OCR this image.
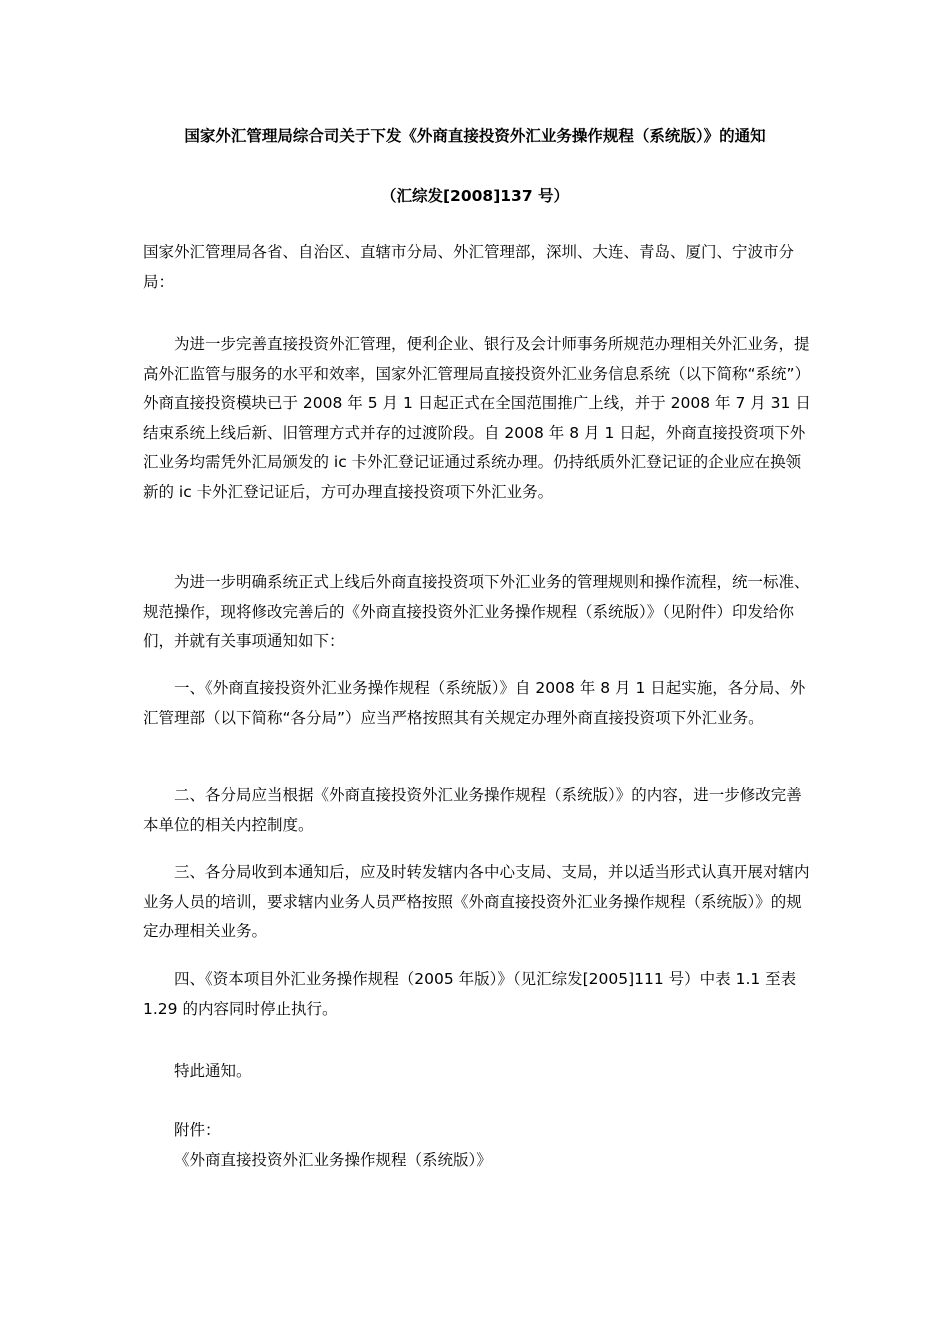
国家外汇管理局综合司关于下发《外商直接投资外汇业务操作规程（系统版）》的通知

（汇综发[2008]137 号）

国家外汇管理局各省、自治区、直辖市分局、外汇管理部，深圳、大连、青岛、厦门、宁波市分局：

为进一步完善直接投资外汇管理，便利企业、银行及会计师事务所规范办理相关外汇业务，提高外汇监管与服务的水平和效率，国家外汇管理局直接投资外汇业务信息系统（以下简称“系统”）外商直接投资模块已于 2008 年 5 月 1 日起正式在全国范围推广上线，并于 2008 年 7 月 31 日结束系统上线后新、旧管理方式并存的过渡阶段。自 2008 年 8 月 1 日起，外商直接投资项下外汇业务均需凭外汇局颁发的 ic 卡外汇登记证通过系统办理。仍持纸质外汇登记证的企业应在换领新的 ic 卡外汇登记证后，方可办理直接投资项下外汇业务。

为进一步明确系统正式上线后外商直接投资项下外汇业务的管理规则和操作流程，统一标准、规范操作，现将修改完善后的《外商直接投资外汇业务操作规程（系统版）》（见附件）印发给你们，并就有关事项通知如下：

一、《外商直接投资外汇业务操作规程（系统版）》自 2008 年 8 月 1 日起实施，各分局、外汇管理部（以下简称“各分局”）应当严格按照其有关规定办理外商直接投资项下外汇业务。

二、各分局应当根据《外商直接投资外汇业务操作规程（系统版）》的内容，进一步修改完善本单位的相关内控制度。

三、各分局收到本通知后，应及时转发辖内各中心支局、支局，并以适当形式认真开展对辖内业务人员的培训，要求辖内业务人员严格按照《外商直接投资外汇业务操作规程（系统版）》的规定办理相关业务。

四、《资本项目外汇业务操作规程（2005 年版）》（见汇综发[2005]111 号）中表 1.1 至表 1.29 的内容同时停止执行。

特此通知。

附件：

《外商直接投资外汇业务操作规程（系统版）》
